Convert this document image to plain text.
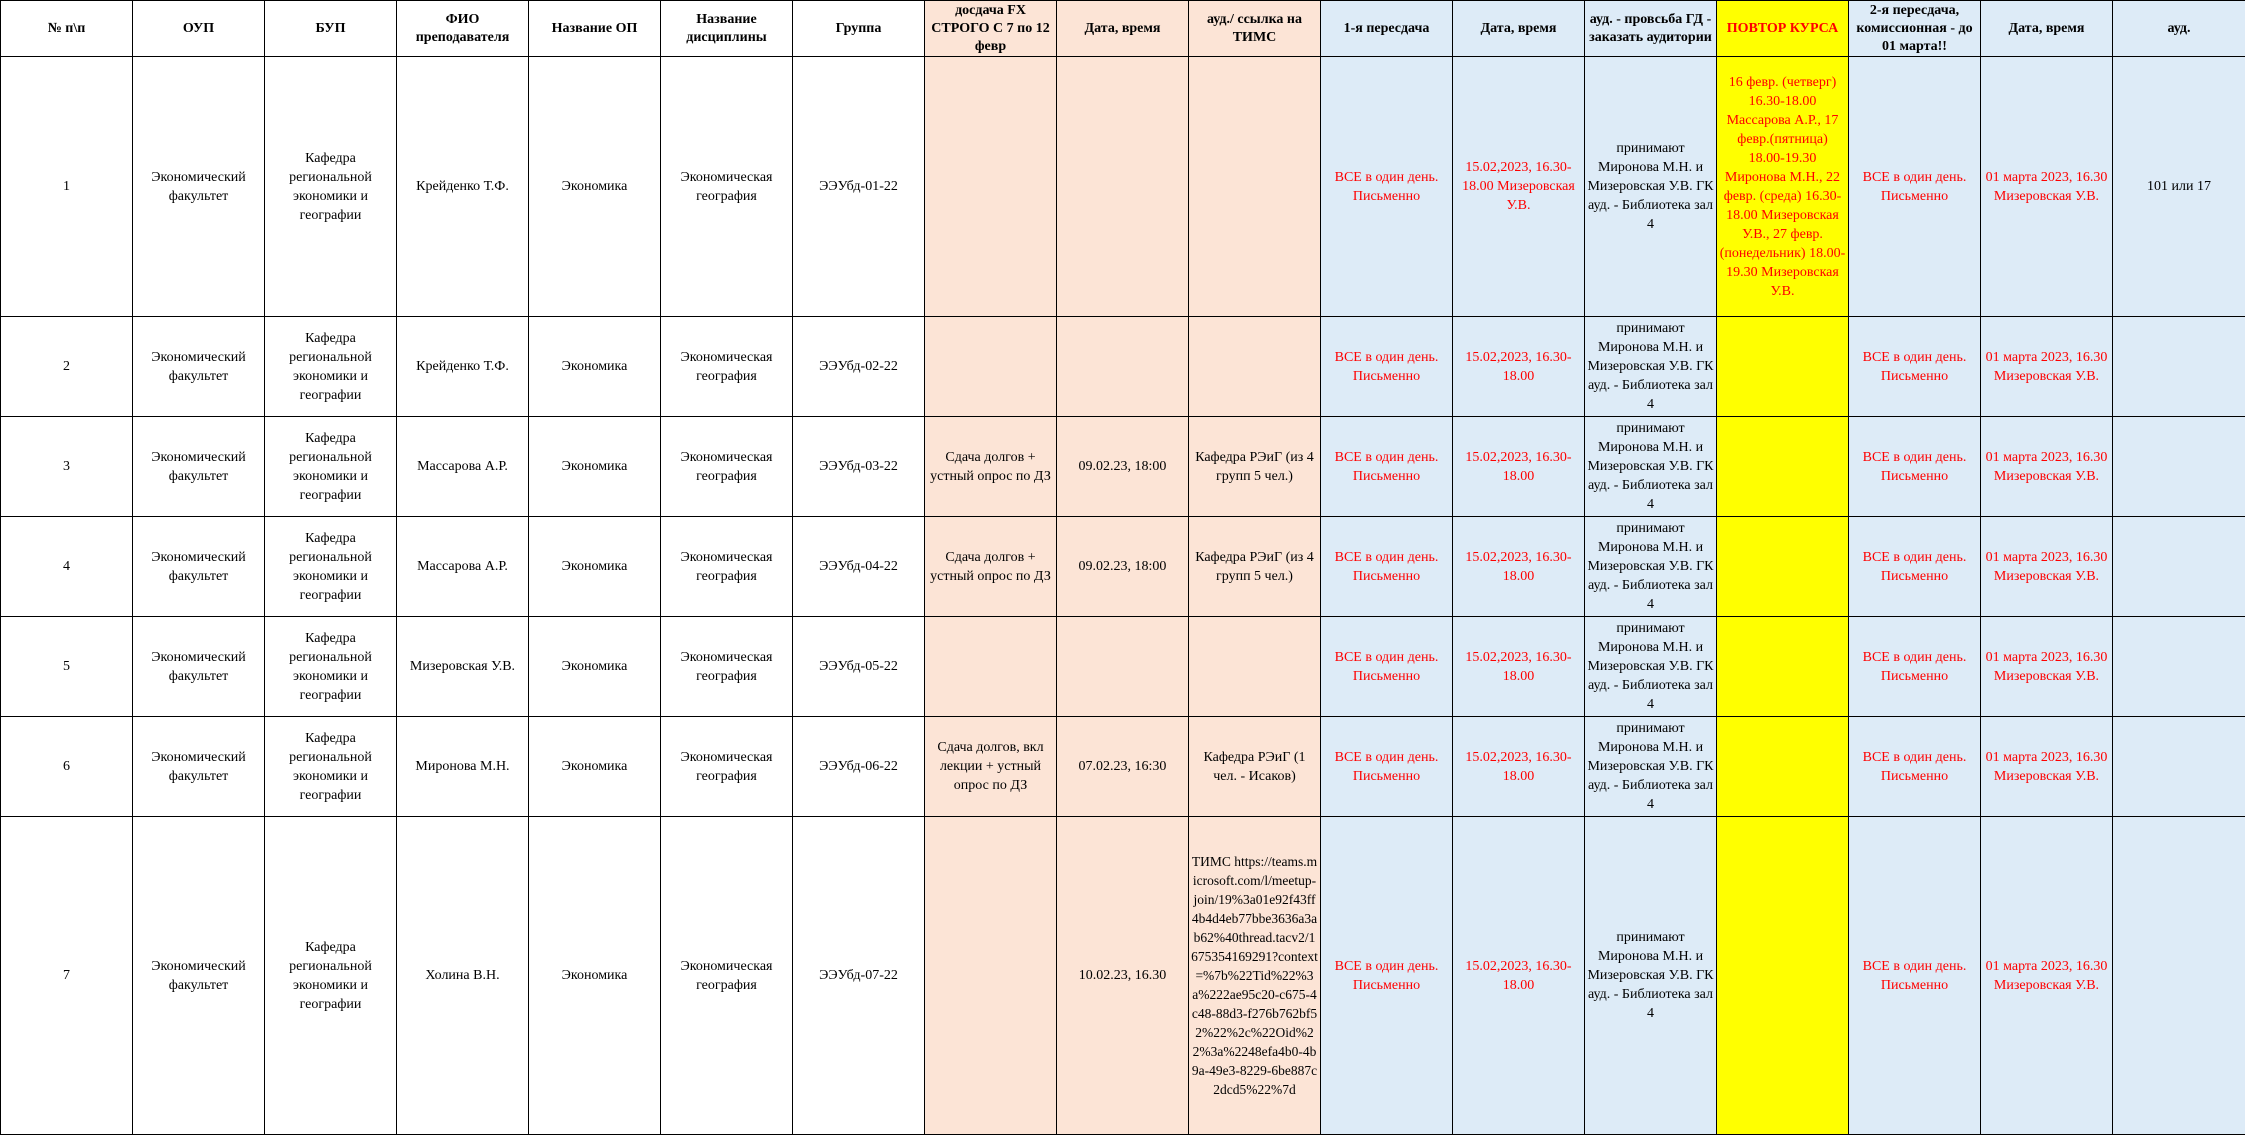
№ п\п	ОУП	БУП	ФИО преподавателя	Название ОП	Название дисциплины	Группа	досдача FX СТРОГО С 7 по 12 февр	Дата, время	ауд./ ссылка на ТИМС	1-я пересдача	Дата, время	ауд. - провсьба ГД - заказать аудитории	ПОВТОР КУРСА	2-я пересдача, комиссионная - до 01 марта!!	Дата, время	ауд.
1	Экономический факультет	Кафедра региональной экономики и географии	Крейденко Т.Ф.	Экономика	Экономическая география	ЭЭУбд-01-22				ВСЕ в один день. Письменно	15.02,2023, 16.30-18.00 Мизеровская У.В.	принимают Миронова М.Н. и Мизеровская У.В. ГК ауд. - Библиотека зал 4	16 февр. (четверг) 16.30-18.00 Массарова А.Р., 17 февр.(пятница) 18.00-19.30 Миронова М.Н., 22 февр. (среда) 16.30-18.00 Мизеровская У.В., 27 февр. (понедельник) 18.00-19.30 Мизеровская У.В.	ВСЕ в один день. Письменно	01 марта 2023, 16.30 Мизеровская У.В.	101 или 17
2	Экономический факультет	Кафедра региональной экономики и географии	Крейденко Т.Ф.	Экономика	Экономическая география	ЭЭУбд-02-22				ВСЕ в один день. Письменно	15.02,2023, 16.30-18.00	принимают Миронова М.Н. и Мизеровская У.В. ГК ауд. - Библиотека зал 4		ВСЕ в один день. Письменно	01 марта 2023, 16.30 Мизеровская У.В.	
3	Экономический факультет	Кафедра региональной экономики и географии	Массарова А.Р.	Экономика	Экономическая география	ЭЭУбд-03-22	Сдача долгов + устный опрос по ДЗ	09.02.23, 18:00	Кафедра РЭиГ (из 4 групп 5 чел.)	ВСЕ в один день. Письменно	15.02,2023, 16.30-18.00	принимают Миронова М.Н. и Мизеровская У.В. ГК ауд. - Библиотека зал 4		ВСЕ в один день. Письменно	01 марта 2023, 16.30 Мизеровская У.В.	
4	Экономический факультет	Кафедра региональной экономики и географии	Массарова А.Р.	Экономика	Экономическая география	ЭЭУбд-04-22	Сдача долгов + устный опрос по ДЗ	09.02.23, 18:00	Кафедра РЭиГ (из 4 групп 5 чел.)	ВСЕ в один день. Письменно	15.02,2023, 16.30-18.00	принимают Миронова М.Н. и Мизеровская У.В. ГК ауд. - Библиотека зал 4		ВСЕ в один день. Письменно	01 марта 2023, 16.30 Мизеровская У.В.	
5	Экономический факультет	Кафедра региональной экономики и географии	Мизеровская У.В.	Экономика	Экономическая география	ЭЭУбд-05-22				ВСЕ в один день. Письменно	15.02,2023, 16.30-18.00	принимают Миронова М.Н. и Мизеровская У.В. ГК ауд. - Библиотека зал 4		ВСЕ в один день. Письменно	01 марта 2023, 16.30 Мизеровская У.В.	
6	Экономический факультет	Кафедра региональной экономики и географии	Миронова М.Н.	Экономика	Экономическая география	ЭЭУбд-06-22	Сдача долгов, вкл лекции + устный опрос по ДЗ	07.02.23, 16:30	Кафедра РЭиГ (1 чел. - Исаков)	ВСЕ в один день. Письменно	15.02,2023, 16.30-18.00	принимают Миронова М.Н. и Мизеровская У.В. ГК ауд. - Библиотека зал 4		ВСЕ в один день. Письменно	01 марта 2023, 16.30 Мизеровская У.В.	
7	Экономический факультет	Кафедра региональной экономики и географии	Холина В.Н.	Экономика	Экономическая география	ЭЭУбд-07-22		10.02.23, 16.30	ТИМС https://teams.microsoft.com/l/meetup-join/19%3a01e92f43ff4b4d4eb77bbe3636a3ab62%40thread.tacv2/1675354169291?context=%7b%22Tid%22%3a%222ae95c20-c675-4c48-88d3-f276b762bf52%22%2c%22Oid%22%3a%2248efa4b0-4b9a-49e3-8229-6be887c2dcd5%22%7d	ВСЕ в один день. Письменно	15.02,2023, 16.30-18.00	принимают Миронова М.Н. и Мизеровская У.В. ГК ауд. - Библиотека зал 4		ВСЕ в один день. Письменно	01 марта 2023, 16.30 Мизеровская У.В.	
